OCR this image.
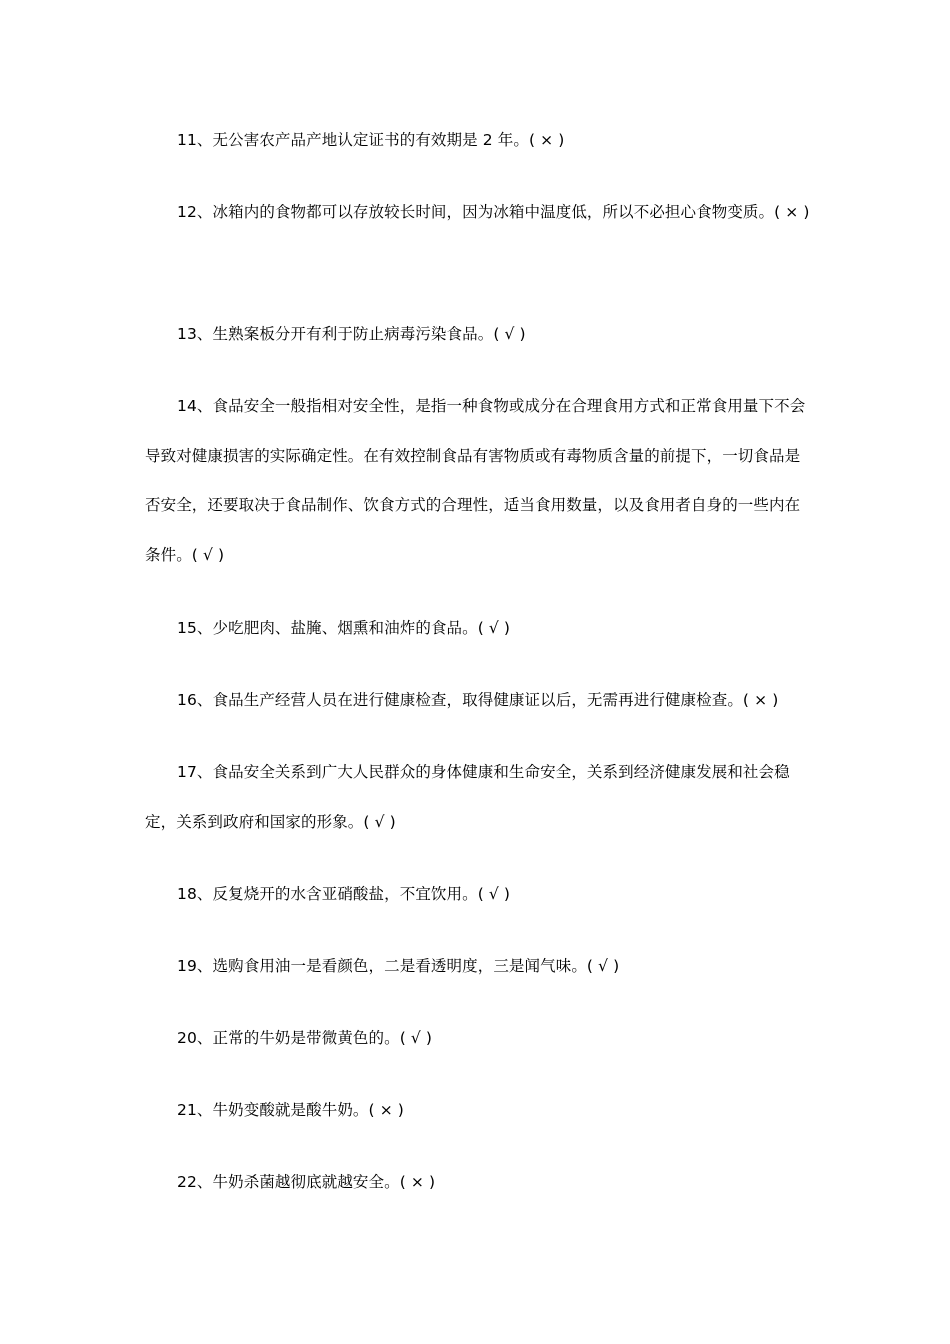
11、无公害农产品产地认定证书的有效期是 2 年。( × )
12、冰箱内的食物都可以存放较长时间，因为冰箱中温度低，所以不必担心食物变质。( × )
13、生熟案板分开有利于防止病毒污染食品。( √ )
14、食品安全一般指相对安全性，是指一种食物或成分在合理食用方式和正常食用量下不会导致对健康损害的实际确定性。在有效控制食品有害物质或有毒物质含量的前提下，一切食品是否安全，还要取决于食品制作、饮食方式的合理性，适当食用数量，以及食用者自身的一些内在条件。( √ )
15、少吃肥肉、盐腌、烟熏和油炸的食品。( √ )
16、食品生产经营人员在进行健康检查，取得健康证以后，无需再进行健康检查。( × )
17、食品安全关系到广大人民群众的身体健康和生命安全，关系到经济健康发展和社会稳定，关系到政府和国家的形象。( √ )
18、反复烧开的水含亚硝酸盐，不宜饮用。( √ )
19、选购食用油一是看颜色，二是看透明度，三是闻气味。( √ )
20、正常的牛奶是带微黄色的。( √ )
21、牛奶变酸就是酸牛奶。( × )
22、牛奶杀菌越彻底就越安全。( × )
